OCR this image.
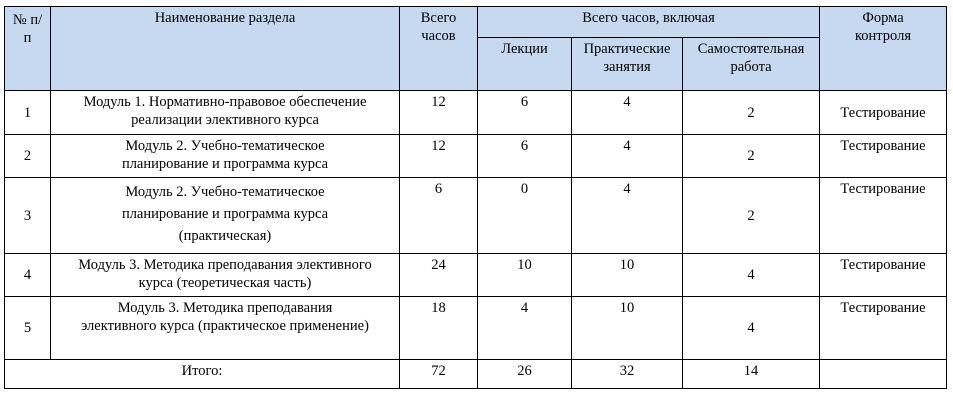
№ п/п	Наименование раздела	Всего часов	Всего часов, включая			Форма контроля

			Лекции	Практические занятия	Самостоятельная работа	

1	Модуль 1. Нормативно-правовое обеспечение реализации элективного курса	12	6	4	2	Тестирование
2	Модуль 2. Учебно-тематическое планирование и программа курса	12	6	4	2	Тестирование
3	Модуль 2. Учебно-тематическое планирование и программа курса (практическая)	6	0	4	2	Тестирование
4	Модуль 3. Методика преподавания элективного курса (теоретическая часть)	24	10	10	4	Тестирование
5	Модуль 3. Методика преподавания элективного курса (практическое применение)	18	4	10	4	Тестирование
Итого:		72	26	32	14	
